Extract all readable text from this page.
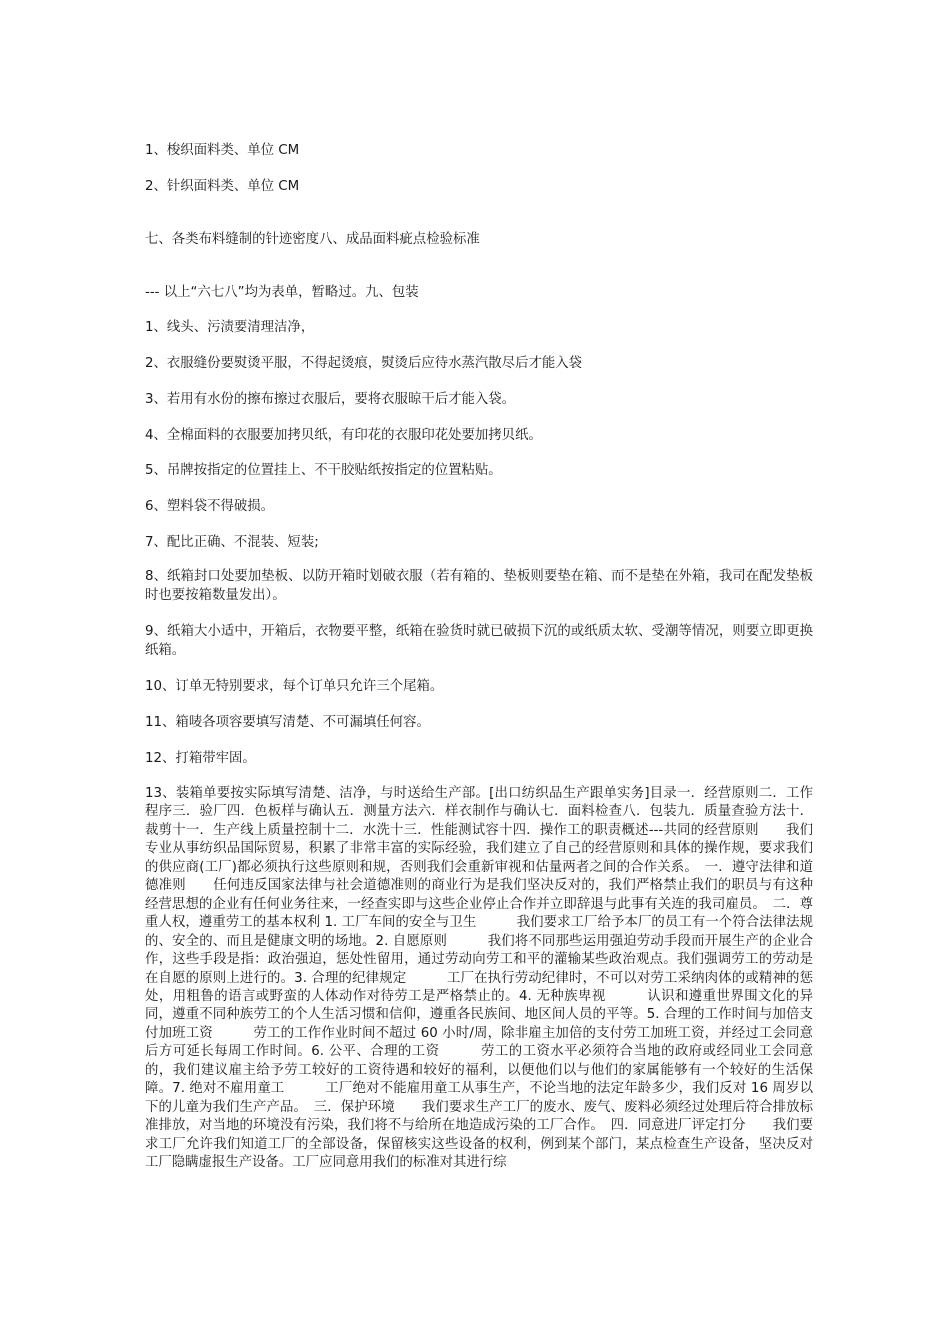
1、梭织面料类、单位 CM
2、针织面料类、单位 CM
七、各类布料缝制的针迹密度八、成品面料疵点检验标准
--- 以上“六七八”均为表单，暂略过。九、包装
1、线头、污渍要清理洁净，
2、衣服缝份要熨烫平服，不得起烫痕，熨烫后应待水蒸汽散尽后才能入袋
3、若用有水份的擦布擦过衣服后，要将衣服晾干后才能入袋。
4、全棉面料的衣服要加拷贝纸，有印花的衣服印花处要加拷贝纸。
5、吊牌按指定的位置挂上、不干胶贴纸按指定的位置粘贴。
6、塑料袋不得破损。
7、配比正确、不混装、短装;
8、纸箱封口处要加垫板、以防开箱时划破衣服（若有箱的、垫板则要垫在箱、而不是垫在外箱，我司在配发垫板时也要按箱数量发出）。
9、纸箱大小适中，开箱后，衣物要平整，纸箱在验货时就已破损下沉的或纸质太软、受潮等情况，则要立即更换纸箱。
10、订单无特别要求，每个订单只允许三个尾箱。
11、箱唛各项容要填写清楚、不可漏填任何容。
12、打箱带牢固。
13、装箱单要按实际填写清楚、洁净，与时送给生产部。[出口纺织品生产跟单实务]目录一．经营原则二．工作程序三．验厂四．色板样与确认五．测量方法六．样衣制作与确认七．面料检查八．包装九．质量查验方法十．裁剪十一．生产线上质量控制十二．水洗十三．性能测试容十四．操作工的职责概述---共同的经营原则　　我们专业从事纺织品国际贸易，积累了非常丰富的实际经验，我们建立了自己的经营原则和具体的操作规，要求我们的供应商(工厂)都必须执行这些原则和规，否则我们会重新审视和估量两者之间的合作关系。　一．遵守法律和道德准则　　任何违反国家法律与社会道德准则的商业行为是我们坚决反对的，我们严格禁止我们的职员与有这种经营思想的企业有任何业务往来，一经查实即与这些企业停止合作并立即辞退与此事有关连的我司雇员。　二．尊重人权，遵重劳工的基本权利 1. 工厂车间的安全与卫生　　　我们要求工厂给予本厂的员工有一个符合法律法规的、安全的、而且是健康文明的场地。2. 自愿原则　　　我们将不同那些运用强迫劳动手段而开展生产的企业合作，这些手段是指：政治强迫，惩处性留用，通过劳动向劳工和平的灌输某些政治观点。我们强调劳工的劳动是在自愿的原则上进行的。3. 合理的纪律规定　　　工厂在执行劳动纪律时，不可以对劳工采纳肉体的或精神的惩处，用粗鲁的语言或野蛮的人体动作对待劳工是严格禁止的。4. 无种族卑视　　　认识和遵重世界围文化的异同，遵重不同种族劳工的个人生活习惯和信仰，遵重各民族间、地区间人员的平等。5. 合理的工作时间与加倍支付加班工资　　　劳工的工作作业时间不超过 60 小时/周，除非雇主加倍的支付劳工加班工资，并经过工会同意后方可延长每周工作时间。6. 公平、合理的工资　　　劳工的工资水平必须符合当地的政府或经同业工会同意的，我们建议雇主给予劳工较好的工资待遇和较好的福利，以便他们以与他们的家属能够有一个较好的生活保障。7. 绝对不雇用童工　　　工厂绝对不能雇用童工从事生产，不论当地的法定年龄多少，我们反对 16 周岁以下的儿童为我们生产产品。　三．保护环境　　我们要求生产工厂的废水、废气、废料必须经过处理后符合排放标准排放，对当地的环境没有污染，我们将不与给所在地造成污染的工厂合作。　四．同意进厂评定打分　　我们要求工厂允许我们知道工厂的全部设备，保留核实这些设备的权利，例到某个部门，某点检查生产设备，坚决反对工厂隐瞒虚报生产设备。工厂应同意用我们的标准对其进行综
